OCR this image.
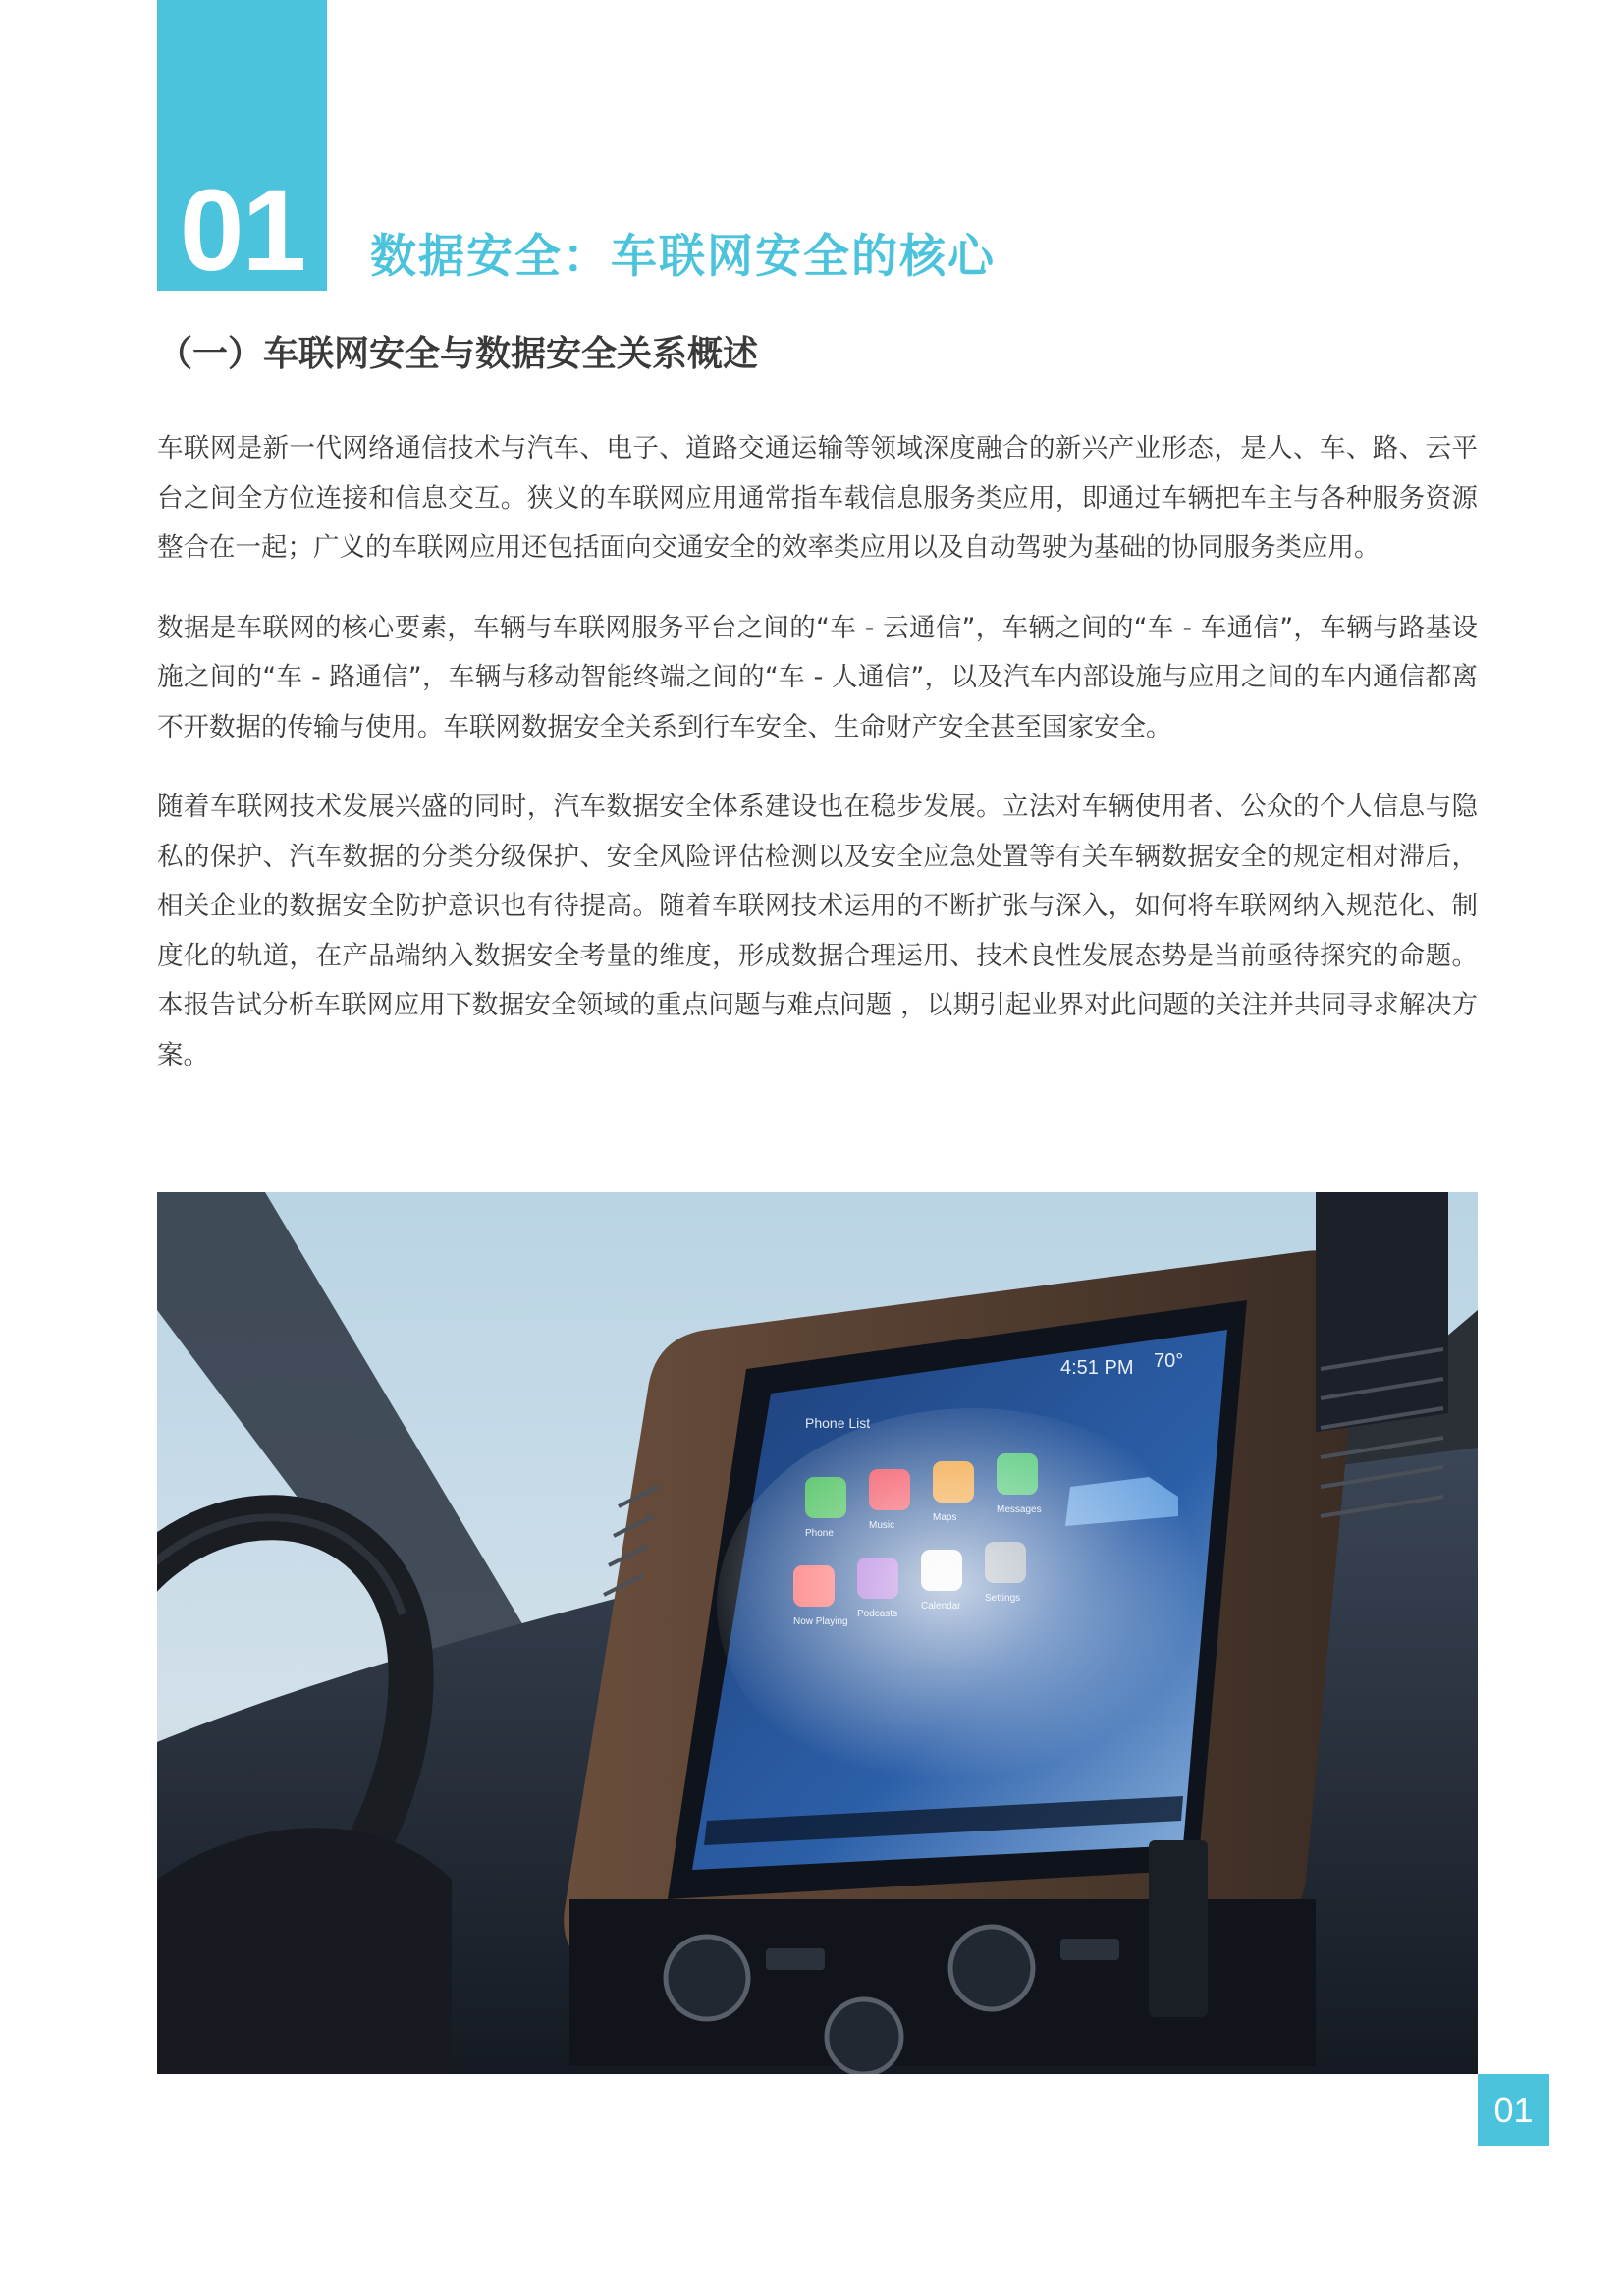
01	数据安全：车联网安全的核心
（一）车联网安全与数据安全关系概述

车联网是新一代网络通信技术与汽车、电子、道路交通运输等领域深度融合的新兴产业形态，是人、车、路、云平台之间全方位连接和信息交互。狭义的车联网应用通常指车载信息服务类应用，即通过车辆把车主与各种服务资源整合在一起；广义的车联网应用还包括面向交通安全的效率类应用以及自动驾驶为基础的协同服务类应用。

数据是车联网的核心要素，车辆与车联网服务平台之间的“车 - 云通信”，车辆之间的“车 - 车通信”，车辆与路基设施之间的“车 - 路通信”，车辆与移动智能终端之间的“车 - 人通信”，以及汽车内部设施与应用之间的车内通信都离不开数据的传输与使用。车联网数据安全关系到行车安全、生命财产安全甚至国家安全。

随着车联网技术发展兴盛的同时，汽车数据安全体系建设也在稳步发展。立法对车辆使用者、公众的个人信息与隐私的保护、汽车数据的分类分级保护、安全风险评估检测以及安全应急处置等有关车辆数据安全的规定相对滞后，相关企业的数据安全防护意识也有待提高。随着车联网技术运用的不断扩张与深入，如何将车联网纳入规范化、制度化的轨道，在产品端纳入数据安全考量的维度，形成数据合理运用、技术良性发展态势是当前亟待探究的命题。本报告试分析车联网应用下数据安全领域的重点问题与难点问题 ，以期引起业界对此问题的关注并共同寻求解决方案。

Phone List
4:51 PM 70°
01
